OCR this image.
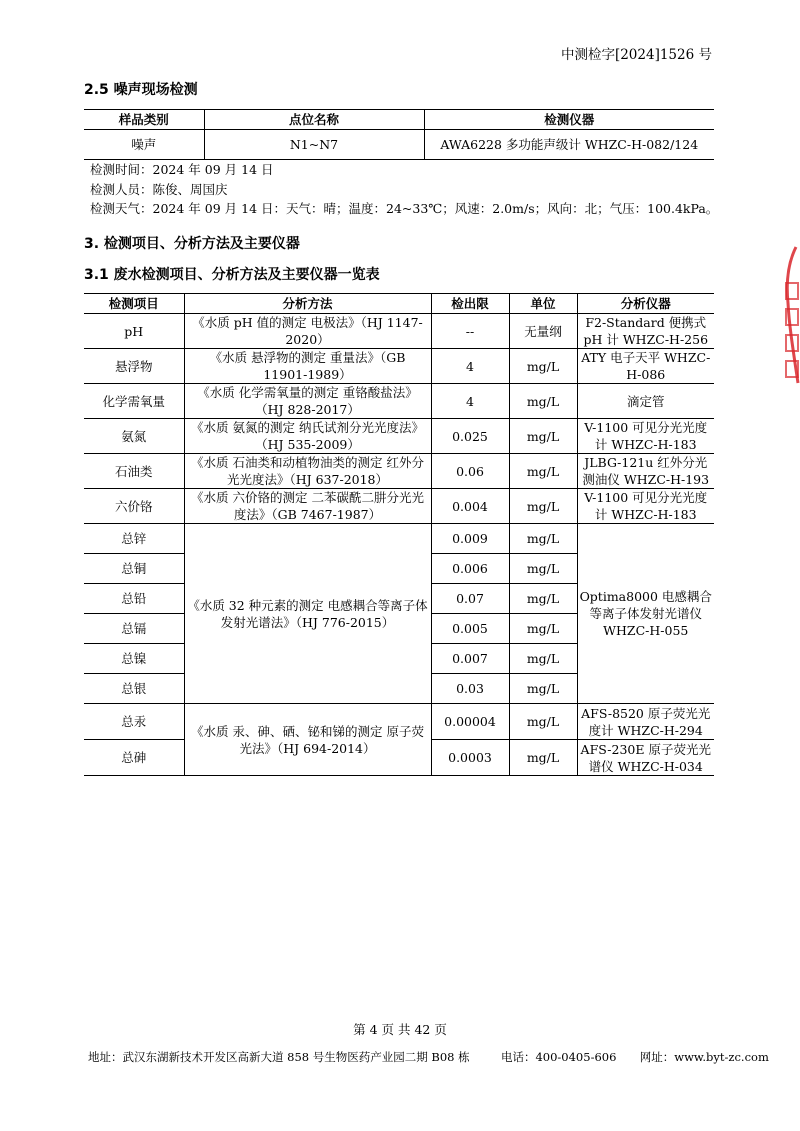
中测检字[2024]1526 号
2.5 噪声现场检测
样品类别	点位名称	检测仪器
噪声	N1~N7	AWA6228 多功能声级计 WHZC-H-082/124
检测时间：2024 年 09 月 14 日
检测人员：陈俊、周国庆
检测天气：2024 年 09 月 14 日：天气：晴；温度：24~33℃；风速：2.0m/s；风向：北；气压：100.4kPa。
3. 检测项目、分析方法及主要仪器
3.1 废水检测项目、分析方法及主要仪器一览表
检测项目	分析方法	检出限	单位	分析仪器
pH	《水质 pH 值的测定 电极法》（HJ 1147-2020）	--	无量纲	F2-Standard 便携式 pH 计 WHZC-H-256
悬浮物	《水质 悬浮物的测定 重量法》（GB 11901-1989）	4	mg/L	ATY 电子天平 WHZC-H-086
化学需氧量	《水质 化学需氧量的测定 重铬酸盐法》（HJ 828-2017）	4	mg/L	滴定管
氨氮	《水质 氨氮的测定 纳氏试剂分光光度法》（HJ 535-2009）	0.025	mg/L	V-1100 可见分光光度计 WHZC-H-183
石油类	《水质 石油类和动植物油类的测定 红外分光光度法》（HJ 637-2018）	0.06	mg/L	JLBG-121u 红外分光测油仪 WHZC-H-193
六价铬	《水质 六价铬的测定 二苯碳酰二肼分光光度法》（GB 7467-1987）	0.004	mg/L	V-1100 可见分光光度计 WHZC-H-183
总锌	《水质 32 种元素的测定 电感耦合等离子体发射光谱法》（HJ 776-2015）	0.009	mg/L	Optima8000 电感耦合等离子体发射光谱仪 WHZC-H-055
总铜		0.006	mg/L	
总铅		0.07	mg/L	
总镉		0.005	mg/L	
总镍		0.007	mg/L	
总银		0.03	mg/L	
总汞	《水质 汞、砷、硒、铋和锑的测定 原子荧光法》（HJ 694-2014）	0.00004	mg/L	AFS-8520 原子荧光光度计 WHZC-H-294
总砷		0.0003	mg/L	AFS-230E 原子荧光光谱仪 WHZC-H-034
第 4 页 共 42 页
地址：武汉东湖新技术开发区高新大道 858 号生物医药产业园二期 B08 栋	电话：400-0405-606 网址：www.byt-zc.com
